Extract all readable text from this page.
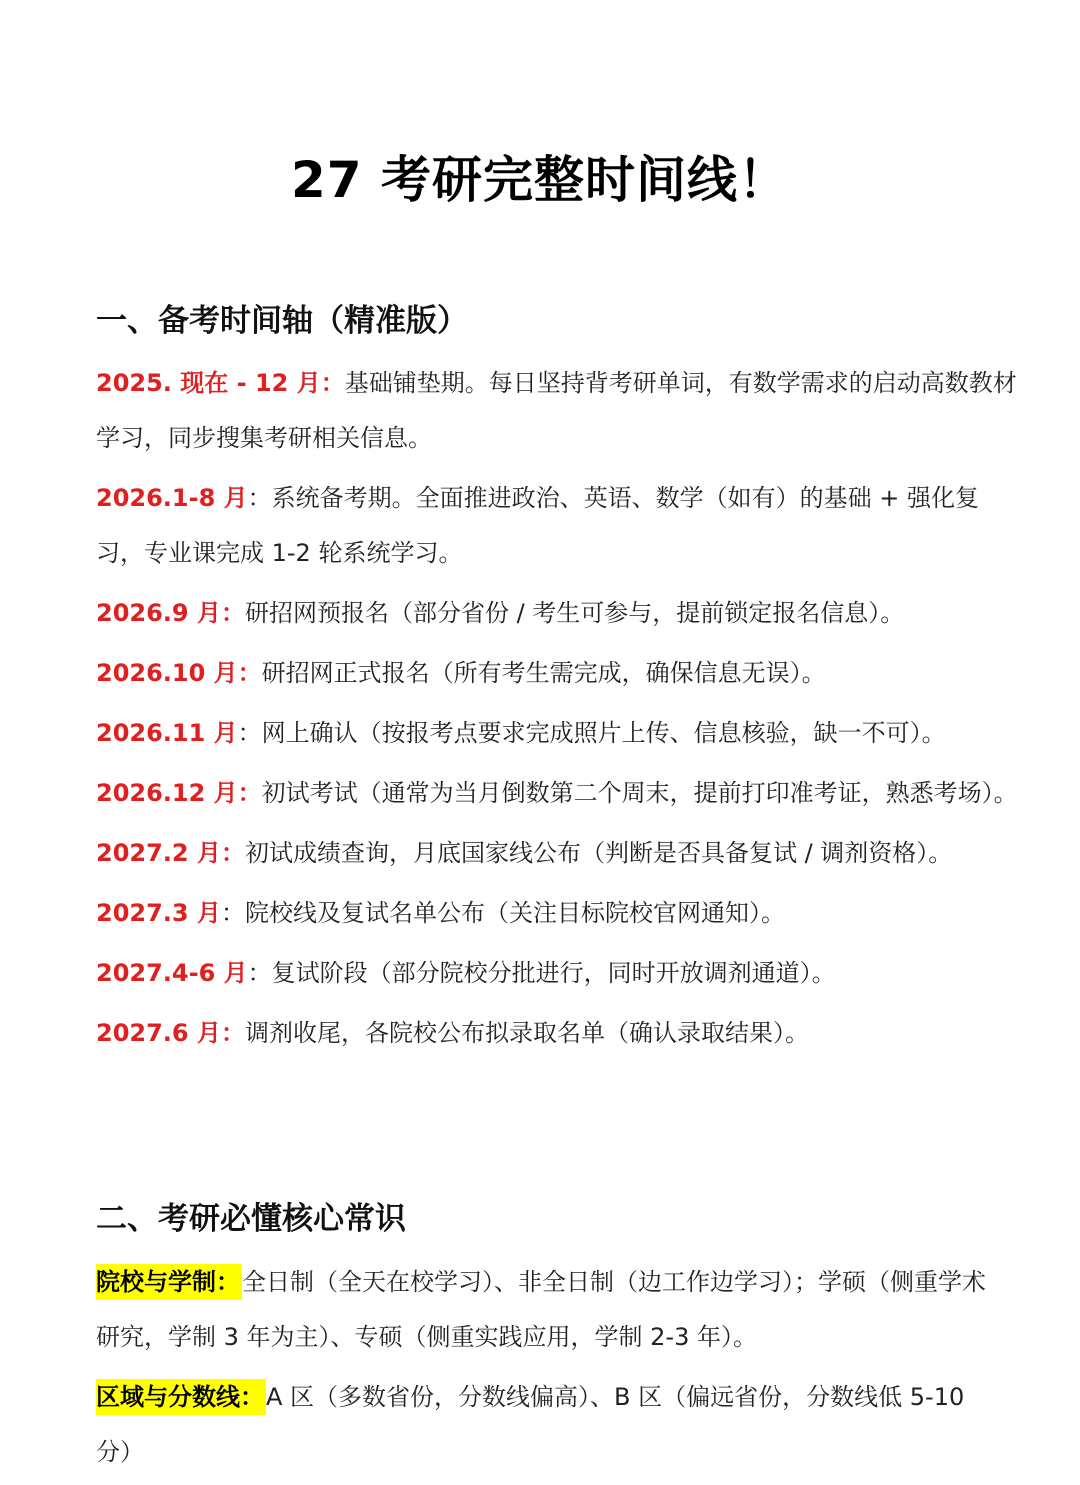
27 考研完整时间线！
一、备考时间轴（精准版）

2025. 现在 - 12 月：基础铺垫期。每日坚持背考研单词，有数学需求的启动高数教材学习，同步搜集考研相关信息。

2026.1-8 月：系统备考期。全面推进政治、英语、数学（如有）的基础 + 强化复习，专业课完成 1-2 轮系统学习。

2026.9 月：研招网预报名（部分省份 / 考生可参与，提前锁定报名信息）。

2026.10 月：研招网正式报名（所有考生需完成，确保信息无误）。

2026.11 月：网上确认（按报考点要求完成照片上传、信息核验，缺一不可）。

2026.12 月：初试考试（通常为当月倒数第二个周末，提前打印准考证，熟悉考场）。

2027.2 月：初试成绩查询，月底国家线公布（判断是否具备复试 / 调剂资格）。

2027.3 月：院校线及复试名单公布（关注目标院校官网通知）。

2027.4-6 月：复试阶段（部分院校分批进行，同时开放调剂通道）。

2027.6 月：调剂收尾，各院校公布拟录取名单（确认录取结果）。

二、考研必懂核心常识

院校与学制：全日制（全天在校学习）、非全日制（边工作边学习）；学硕（侧重学术研究，学制 3 年为主）、专硕（侧重实践应用，学制 2-3 年）。

区域与分数线：A 区（多数省份，分数线偏高）、B 区（偏远省份，分数线低 5-10 分）
